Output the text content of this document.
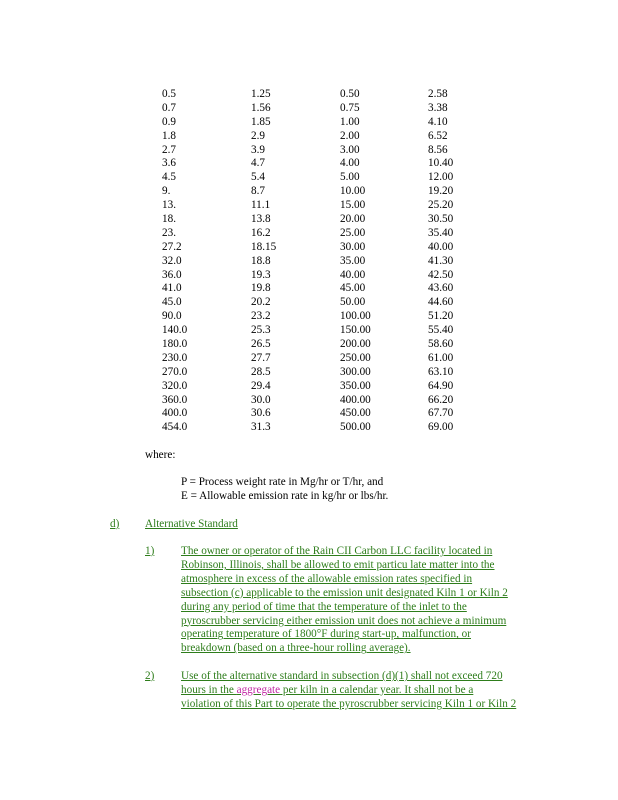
0.5	1.25	0.50	2.58
0.7	1.56	0.75	3.38
0.9	1.85	1.00	4.10
1.8	2.9	2.00	6.52
2.7	3.9	3.00	8.56
3.6	4.7	4.00	10.40
4.5	5.4	5.00	12.00
9.	8.7	10.00	19.20
13.	11.1	15.00	25.20
18.	13.8	20.00	30.50
23.	16.2	25.00	35.40
27.2	18.15	30.00	40.00
32.0	18.8	35.00	41.30
36.0	19.3	40.00	42.50
41.0	19.8	45.00	43.60
45.0	20.2	50.00	44.60
90.0	23.2	100.00	51.20
140.0	25.3	150.00	55.40
180.0	26.5	200.00	58.60
230.0	27.7	250.00	61.00
270.0	28.5	300.00	63.10
320.0	29.4	350.00	64.90
360.0	30.0	400.00	66.20
400.0	30.6	450.00	67.70
454.0	31.3	500.00	69.00
where:
P = Process weight rate in Mg/hr or T/hr, and
E = Allowable emission rate in kg/hr or lbs/hr.
d) Alternative Standard
1) The owner or operator of the Rain CII Carbon LLC facility located in
Robinson, Illinois, shall be allowed to emit particu late matter into the
atmosphere in excess of the allowable emission rates specified in
subsection (c) applicable to the emission unit designated Kiln 1 or Kiln 2
during any period of time that the temperature of the inlet to the
pyroscrubber servicing either emission unit does not achieve a minimum
operating temperature of 1800°F during start-up, malfunction, or
breakdown (based on a three-hour rolling average).
2) Use of the alternative standard in subsection (d)(1) shall not exceed 720
hours in the aggregate per kiln in a calendar year. It shall not be a
violation of this Part to operate the pyroscrubber servicing Kiln 1 or Kiln 2
